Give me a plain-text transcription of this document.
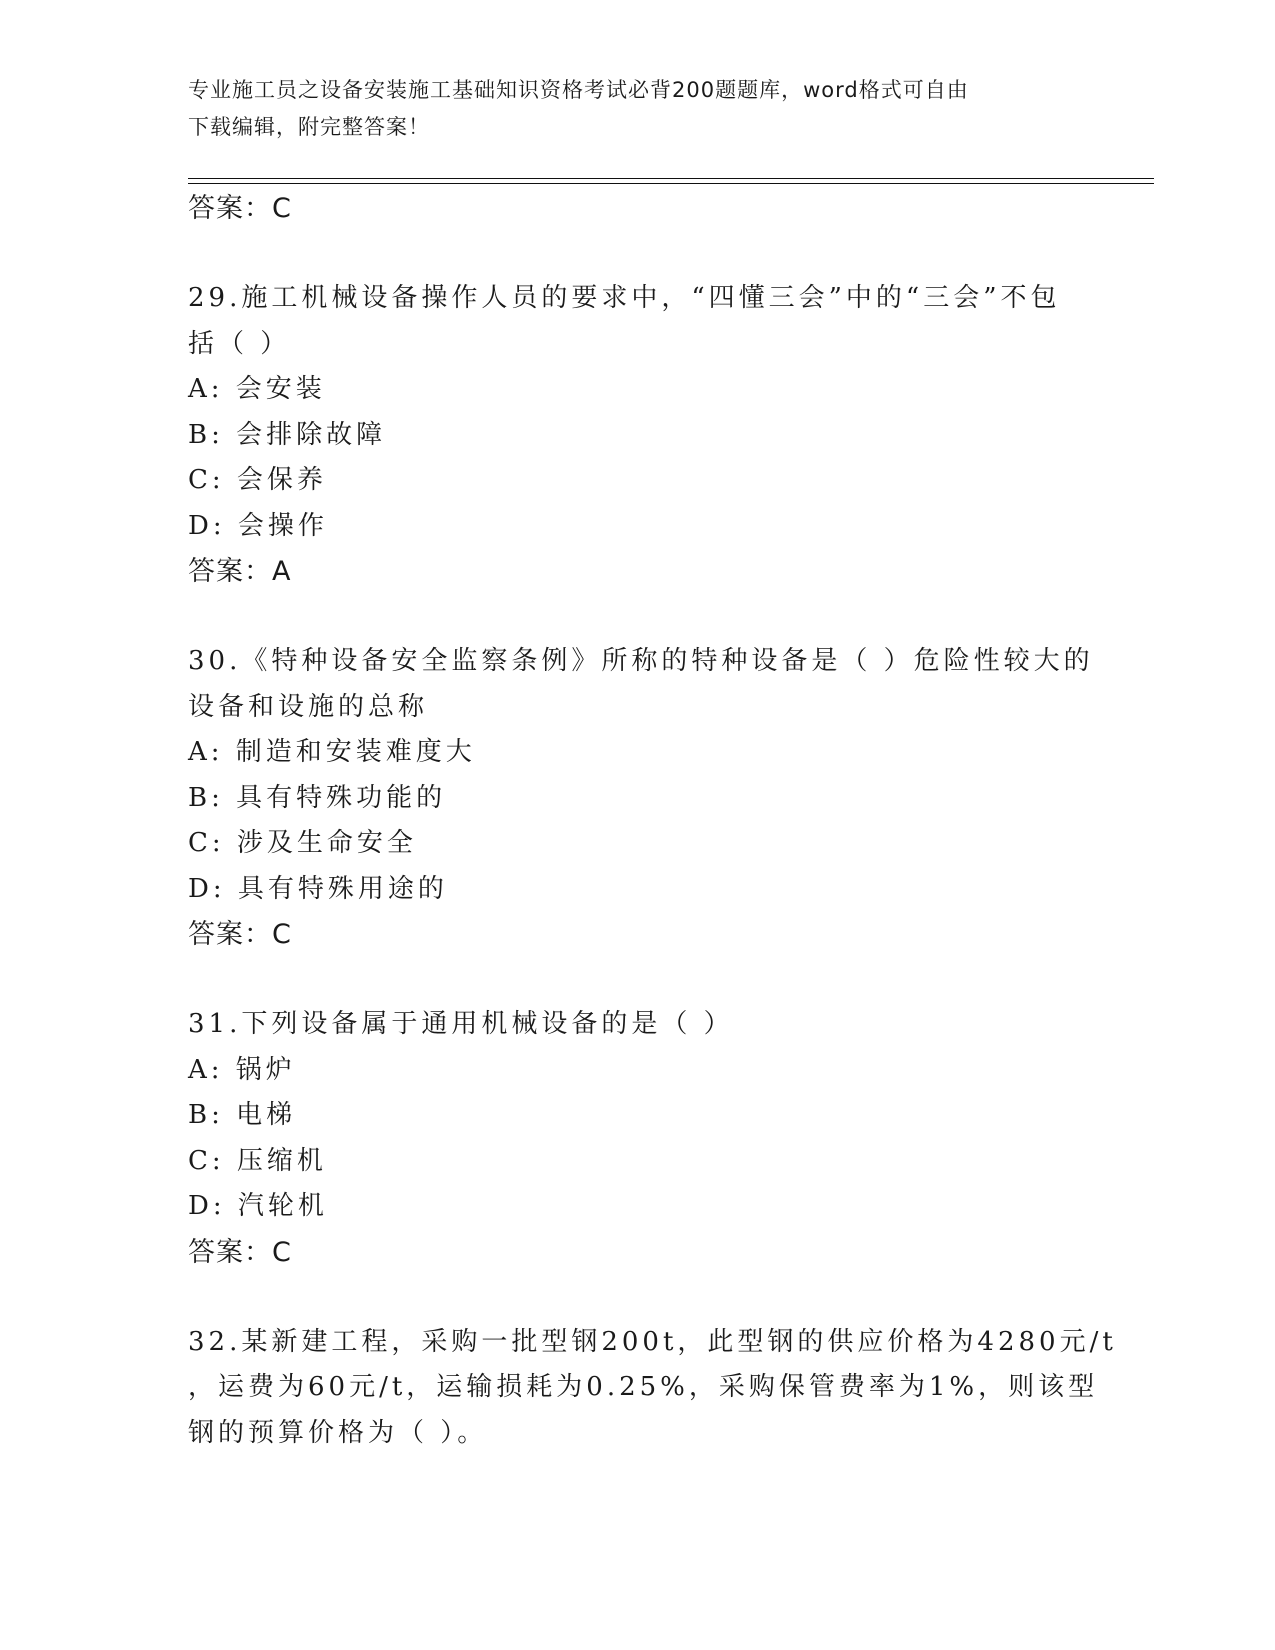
专业施工员之设备安装施工基础知识资格考试必背200题题库，word格式可自由
下载编辑，附完整答案！
答案：C
29.施工机械设备操作人员的要求中，“四懂三会”中的“三会”不包
括（ ）
A: 会安装
B: 会排除故障
C: 会保养
D: 会操作
答案：A
30.《特种设备安全监察条例》所称的特种设备是（ ）危险性较大的
设备和设施的总称
A: 制造和安装难度大
B: 具有特殊功能的
C: 涉及生命安全
D: 具有特殊用途的
答案：C
31.下列设备属于通用机械设备的是（ ）
A: 锅炉
B: 电梯
C: 压缩机
D: 汽轮机
答案：C
32.某新建工程，采购一批型钢200t，此型钢的供应价格为4280元/t
，运费为60元/t，运输损耗为0.25%，采购保管费率为1%，则该型
钢的预算价格为（ ）。
